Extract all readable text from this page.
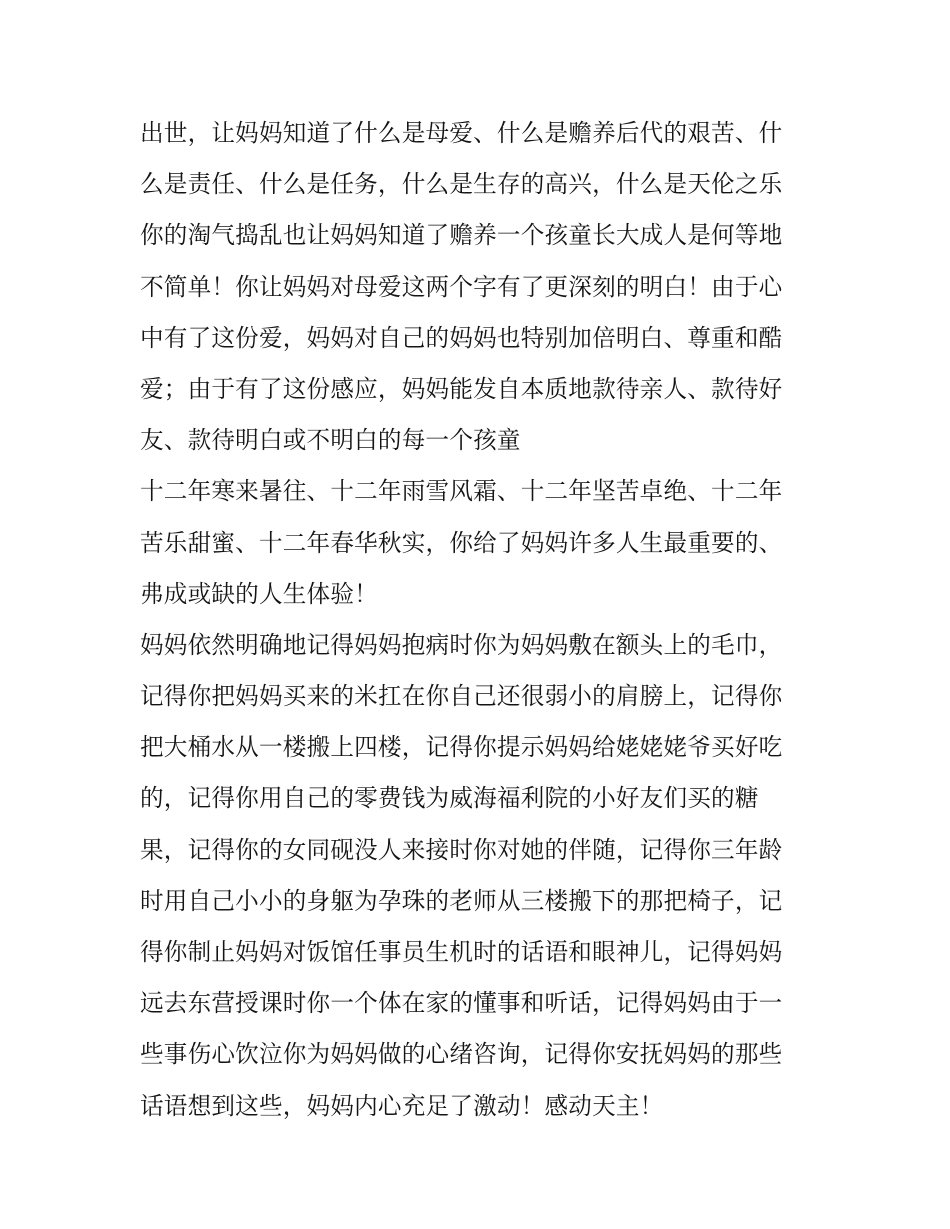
出世，让妈妈知道了什么是母爱、什么是赡养后代的艰苦、什
么是责任、什么是任务，什么是生存的高兴，什么是天伦之乐
你的淘气捣乱也让妈妈知道了赡养一个孩童长大成人是何等地
不简单！你让妈妈对母爱这两个字有了更深刻的明白！由于心
中有了这份爱，妈妈对自己的妈妈也特别加倍明白、尊重和酷
爱；由于有了这份感应，妈妈能发自本质地款待亲人、款待好
友、款待明白或不明白的每一个孩童
十二年寒来暑往、十二年雨雪风霜、十二年坚苦卓绝、十二年
苦乐甜蜜、十二年春华秋实，你给了妈妈许多人生最重要的、
弗成或缺的人生体验！
妈妈依然明确地记得妈妈抱病时你为妈妈敷在额头上的毛巾，
记得你把妈妈买来的米扛在你自己还很弱小的肩膀上，记得你
把大桶水从一楼搬上四楼，记得你提示妈妈给姥姥姥爷买好吃
的，记得你用自己的零费钱为威海福利院的小好友们买的糖
果，记得你的女同砚没人来接时你对她的伴随，记得你三年龄
时用自己小小的身躯为孕珠的老师从三楼搬下的那把椅子，记
得你制止妈妈对饭馆任事员生机时的话语和眼神儿，记得妈妈
远去东营授课时你一个体在家的懂事和听话，记得妈妈由于一
些事伤心饮泣你为妈妈做的心绪咨询，记得你安抚妈妈的那些
话语想到这些，妈妈内心充足了激动！感动天主！
